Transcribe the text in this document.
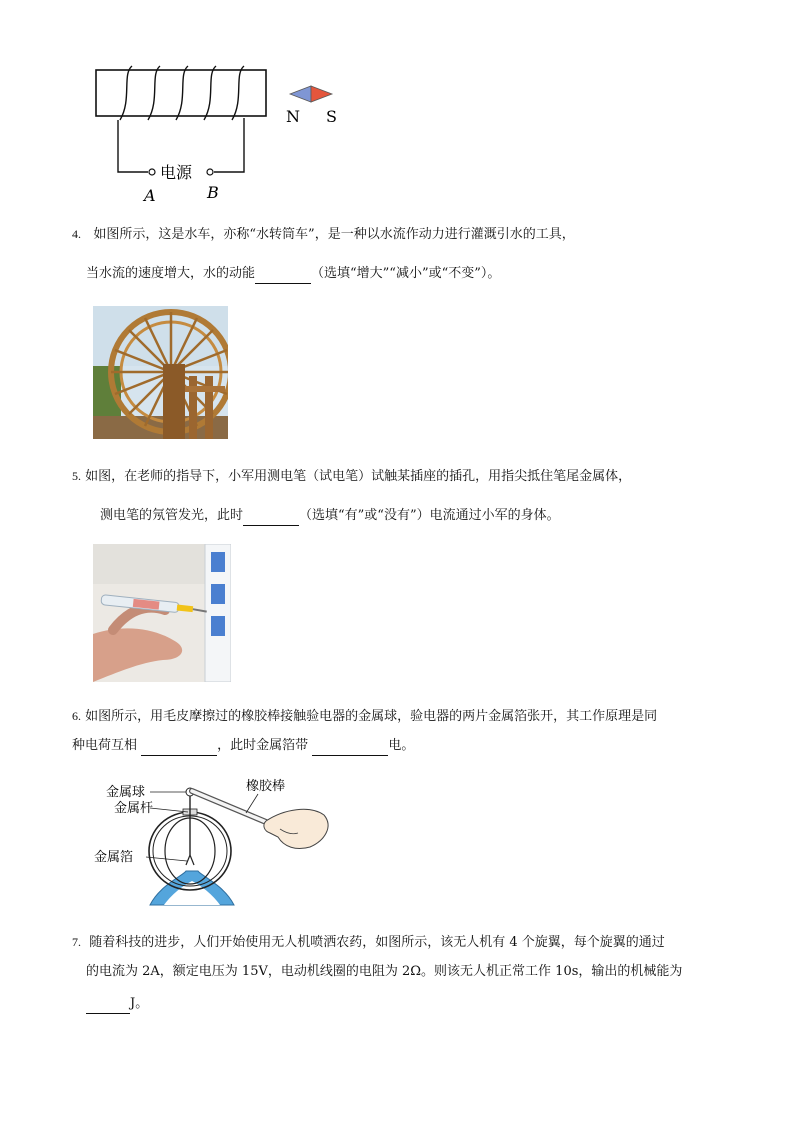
电源
A	B
N S
4. 如图所示，这是水车，亦称“水转筒车”，是一种以水流作动力进行灌溉引水的工具，
当水流的速度增大，水的动能	（选填“增大”“减小”或“不变”）。
5. 如图，在老师的指导下，小军用测电笔（试电笔）试触某插座的插孔，用指尖抵住笔尾金属体，
测电笔的氖管发光，此时	（选填“有”或“没有”）电流通过小军的身体。
6. 如图所示，用毛皮摩擦过的橡胶棒接触验电器的金属球，验电器的两片金属箔张开，其工作原理是同
种电荷互相	，此时金属箔带	电。
金属球
金属杆
金属箔
橡胶棒
7. 随着科技的进步，人们开始使用无人机喷洒农药，如图所示，该无人机有 4 个旋翼，每个旋翼的通过
的电流为 2A，额定电压为 15V，电动机线圈的电阻为 2Ω。则该无人机正常工作 10s，输出的机械能为
J。
